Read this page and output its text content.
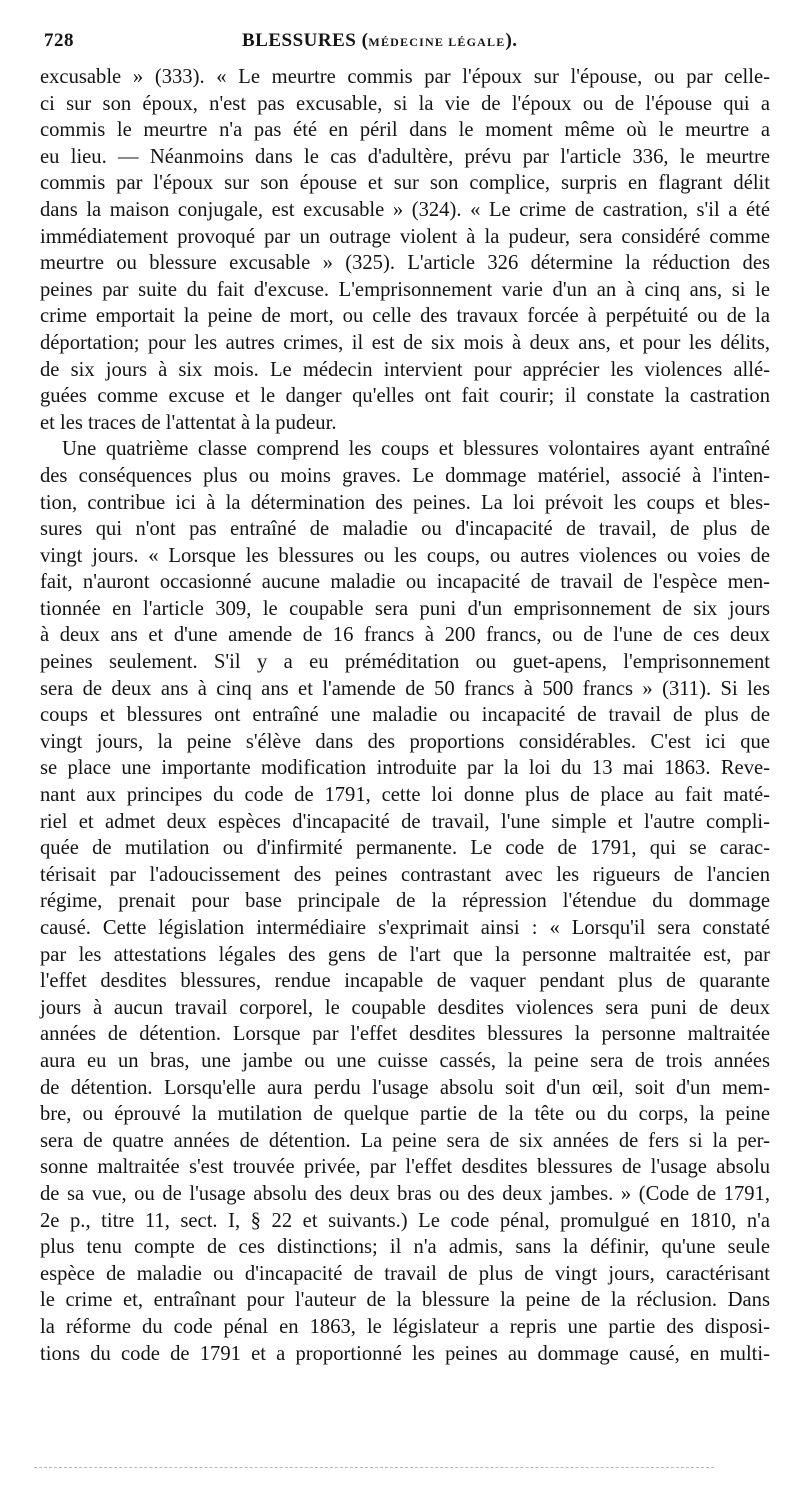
728	BLESSURES (MÉDECINE LÉGALE).
excusable » (333). « Le meurtre commis par l'époux sur l'épouse, ou par celle-
ci sur son époux, n'est pas excusable, si la vie de l'époux ou de l'épouse qui a
commis le meurtre n'a pas été en péril dans le moment même où le meurtre a
eu lieu. — Néanmoins dans le cas d'adultère, prévu par l'article 336, le meurtre
commis par l'époux sur son épouse et sur son complice, surpris en flagrant délit
dans la maison conjugale, est excusable » (324). « Le crime de castration, s'il a été
immédiatement provoqué par un outrage violent à la pudeur, sera considéré comme
meurtre ou blessure excusable » (325). L'article 326 détermine la réduction des
peines par suite du fait d'excuse. L'emprisonnement varie d'un an à cinq ans, si le
crime emportait la peine de mort, ou celle des travaux forcée à perpétuité ou de la
déportation; pour les autres crimes, il est de six mois à deux ans, et pour les délits,
de six jours à six mois. Le médecin intervient pour apprécier les violences allé-
guées comme excuse et le danger qu'elles ont fait courir; il constate la castration
et les traces de l'attentat à la pudeur.
Une quatrième classe comprend les coups et blessures volontaires ayant entraîné
des conséquences plus ou moins graves. Le dommage matériel, associé à l'inten-
tion, contribue ici à la détermination des peines. La loi prévoit les coups et bles-
sures qui n'ont pas entraîné de maladie ou d'incapacité de travail, de plus de
vingt jours. « Lorsque les blessures ou les coups, ou autres violences ou voies de
fait, n'auront occasionné aucune maladie ou incapacité de travail de l'espèce men-
tionnée en l'article 309, le coupable sera puni d'un emprisonnement de six jours
à deux ans et d'une amende de 16 francs à 200 francs, ou de l'une de ces deux
peines seulement. S'il y a eu préméditation ou guet-apens, l'emprisonnement
sera de deux ans à cinq ans et l'amende de 50 francs à 500 francs » (311). Si les
coups et blessures ont entraîné une maladie ou incapacité de travail de plus de
vingt jours, la peine s'élève dans des proportions considérables. C'est ici que
se place une importante modification introduite par la loi du 13 mai 1863. Reve-
nant aux principes du code de 1791, cette loi donne plus de place au fait maté-
riel et admet deux espèces d'incapacité de travail, l'une simple et l'autre compli-
quée de mutilation ou d'infirmité permanente. Le code de 1791, qui se carac-
térisait par l'adoucissement des peines contrastant avec les rigueurs de l'ancien
régime, prenait pour base principale de la répression l'étendue du dommage
causé. Cette législation intermédiaire s'exprimait ainsi : « Lorsqu'il sera constaté
par les attestations légales des gens de l'art que la personne maltraitée est, par
l'effet desdites blessures, rendue incapable de vaquer pendant plus de quarante
jours à aucun travail corporel, le coupable desdites violences sera puni de deux
années de détention. Lorsque par l'effet desdites blessures la personne maltraitée
aura eu un bras, une jambe ou une cuisse cassés, la peine sera de trois années
de détention. Lorsqu'elle aura perdu l'usage absolu soit d'un œil, soit d'un mem-
bre, ou éprouvé la mutilation de quelque partie de la tête ou du corps, la peine
sera de quatre années de détention. La peine sera de six années de fers si la per-
sonne maltraitée s'est trouvée privée, par l'effet desdites blessures de l'usage absolu
de sa vue, ou de l'usage absolu des deux bras ou des deux jambes. » (Code de 1791,
2e p., titre 11, sect. I, § 22 et suivants.) Le code pénal, promulgué en 1810, n'a
plus tenu compte de ces distinctions; il n'a admis, sans la définir, qu'une seule
espèce de maladie ou d'incapacité de travail de plus de vingt jours, caractérisant
le crime et, entraînant pour l'auteur de la blessure la peine de la réclusion. Dans
la réforme du code pénal en 1863, le législateur a repris une partie des disposi-
tions du code de 1791 et a proportionné les peines au dommage causé, en multi-
